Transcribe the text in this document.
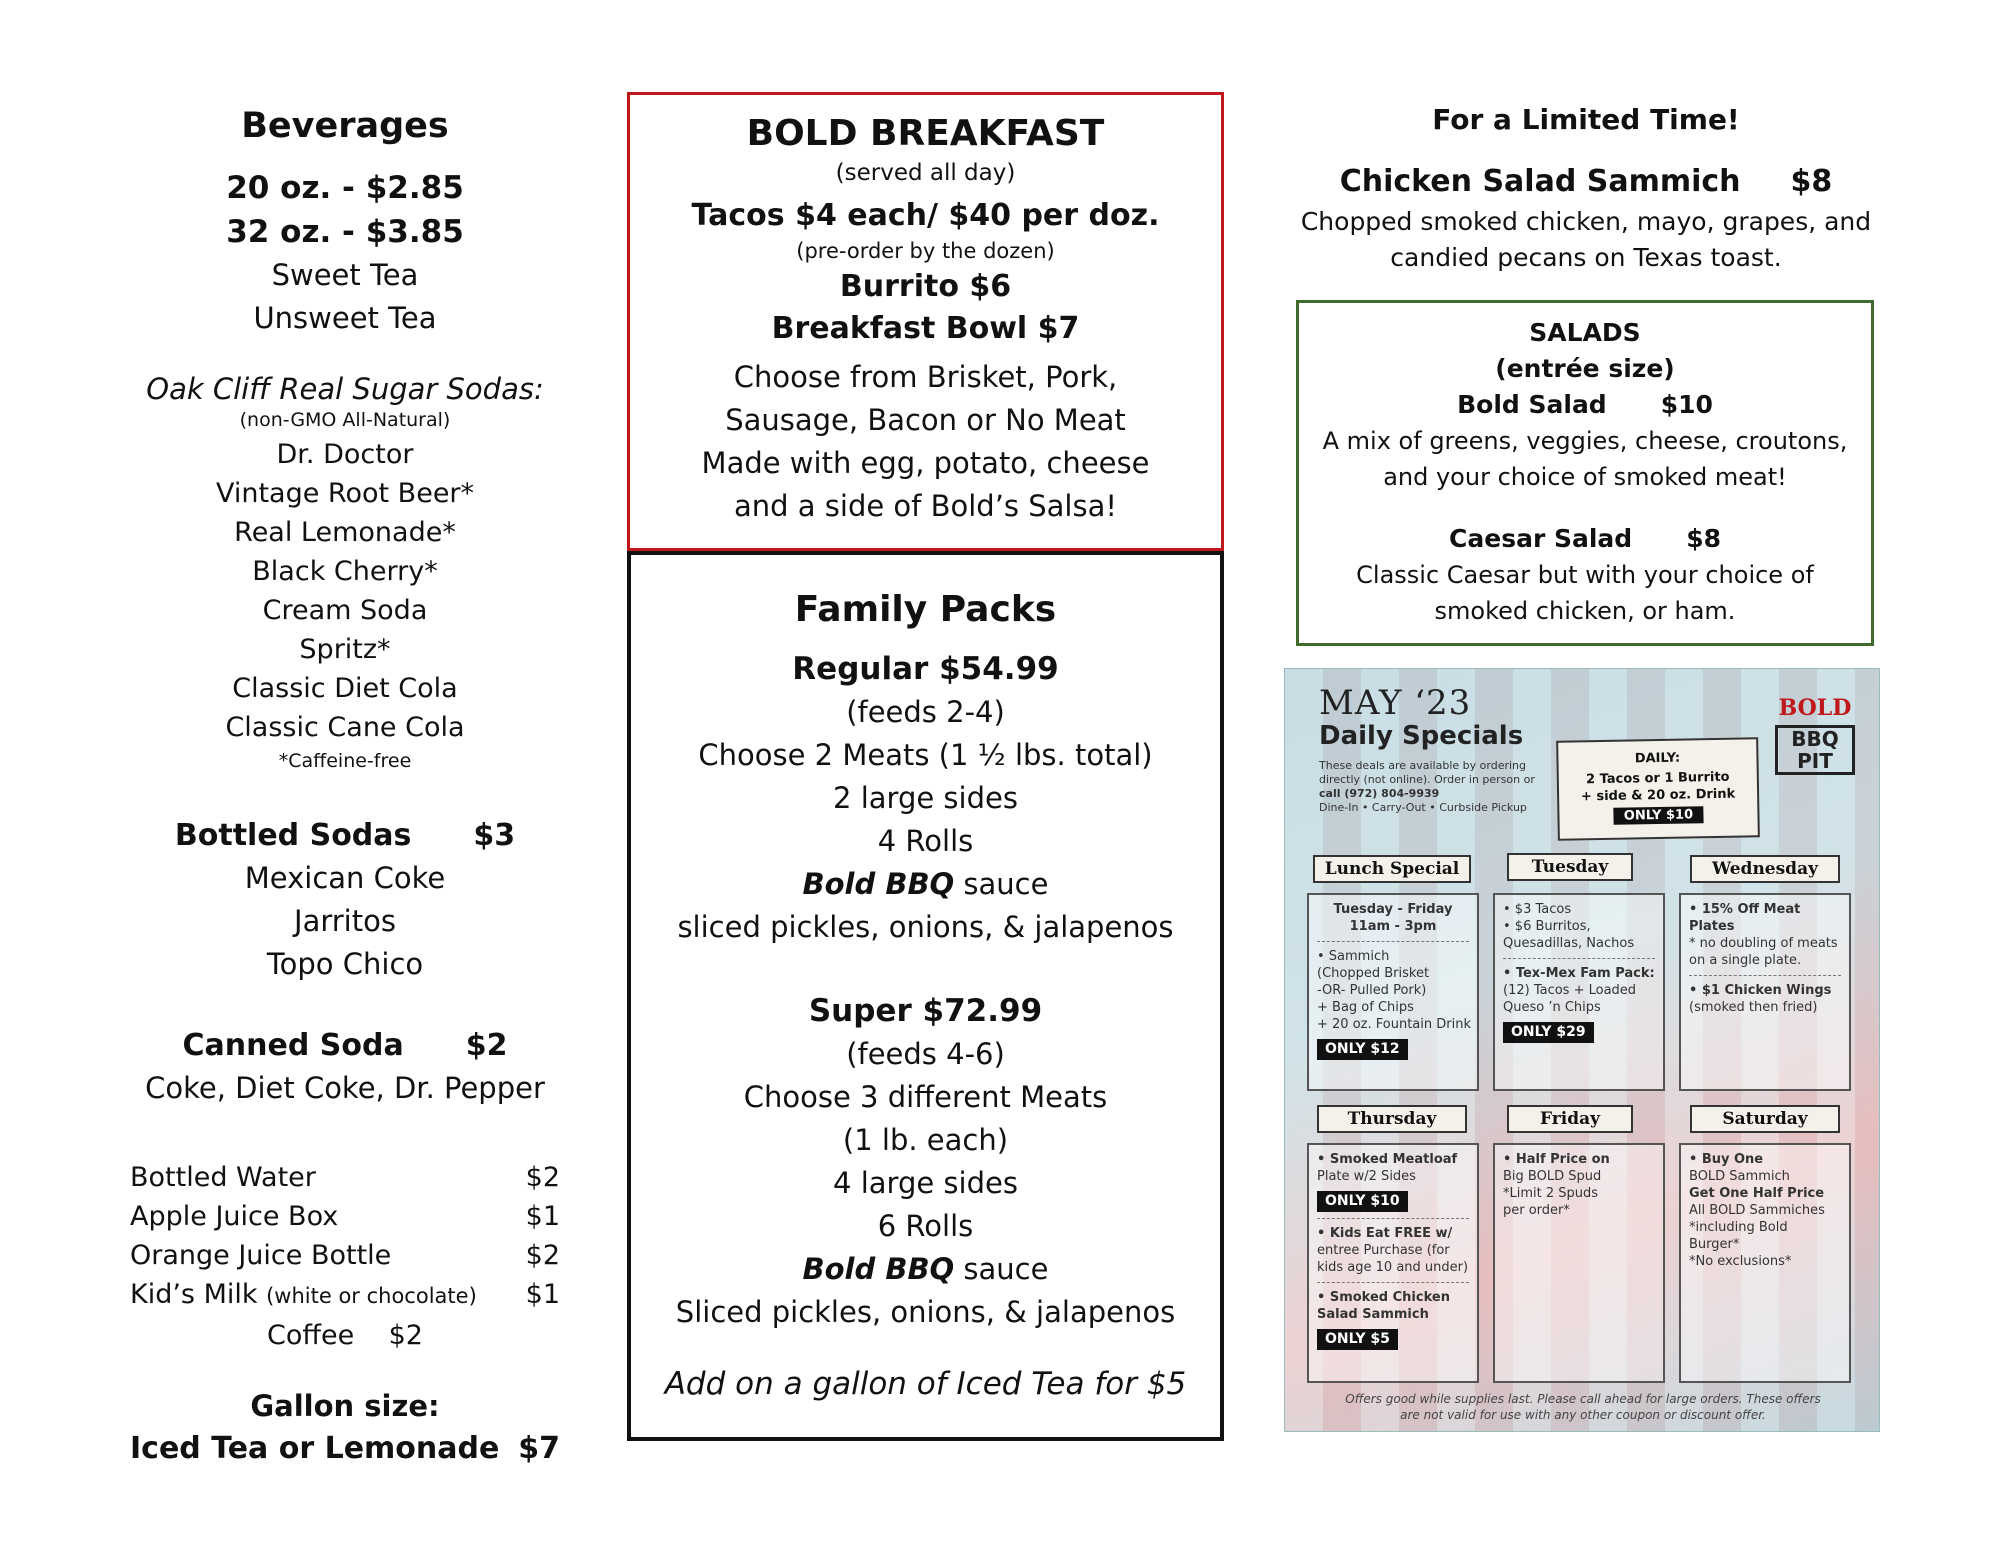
Beverages
20 oz. - $2.85
32 oz. - $3.85
Sweet Tea
Unsweet Tea
Oak Cliff Real Sugar Sodas:
(non-GMO All-Natural)
Dr. Doctor
Vintage Root Beer*
Real Lemonade*
Black Cherry*
Cream Soda
Spritz*
Classic Diet Cola
Classic Cane Cola
*Caffeine-free
Bottled Sodas $3
Mexican Coke
Jarritos
Topo Chico
Canned Soda $2
Coke, Diet Coke, Dr. Pepper
Bottled Water	$2
Apple Juice Box	$1
Orange Juice Bottle	$2
Kid’s Milk (white or chocolate) $1
Coffee    $2
Gallon size:
Iced Tea or Lemonade $7
BOLD BREAKFAST
(served all day)
Tacos $4 each/ $40 per doz.
(pre-order by the dozen)
Burrito $6
Breakfast Bowl $7
Choose from Brisket, Pork,
Sausage, Bacon or No Meat
Made with egg, potato, cheese
and a side of Bold’s Salsa!
Family Packs
Regular $54.99
(feeds 2-4)
Choose 2 Meats (1 ½ lbs. total)
2 large sides
4 Rolls
Bold BBQ sauce
sliced pickles, onions, & jalapenos
Super $72.99
(feeds 4-6)
Choose 3 different Meats
(1 lb. each)
4 large sides
6 Rolls
Bold BBQ sauce
Sliced pickles, onions, & jalapenos
Add on a gallon of Iced Tea for $5
For a Limited Time!
Chicken Salad Sammich $8
Chopped smoked chicken, mayo, grapes, and
candied pecans on Texas toast.
SALADS
(entrée size)
Bold Salad $10
A mix of greens, veggies, cheese, croutons,
and your choice of smoked meat!
Caesar Salad $8
Classic Caesar but with your choice of
smoked chicken, or ham.
MAY ‘23
Daily Specials
These deals are available by ordering
directly (not online). Order in person or
call (972) 804-9939
Dine-In • Carry-Out • Curbside Pickup
DAILY:
2 Tacos or 1 Burrito
+ side & 20 oz. Drink
ONLY $10
BOLD
BBQ PIT
Lunch Special	Tuesday	Wednesday
Tuesday - Friday
11am - 3pm
• Sammich
(Chopped Brisket
-OR- Pulled Pork)
+ Bag of Chips
+ 20 oz. Fountain Drink
ONLY $12
• $3 Tacos
• $6 Burritos,
Quesadillas, Nachos
• Tex-Mex Fam Pack:
(12) Tacos + Loaded
Queso ’n Chips
ONLY $29
• 15% Off Meat Plates
* no doubling of meats
on a single plate.
• $1 Chicken Wings
(smoked then fried)
Thursday	Friday	Saturday
• Smoked Meatloaf
Plate w/2 Sides
ONLY $10
• Kids Eat FREE w/
entree Purchase (for
kids age 10 and under)
• Smoked Chicken
Salad Sammich
ONLY $5
• Half Price on
Big BOLD Spud
*Limit 2 Spuds
per order*
• Buy One
BOLD Sammich
Get One Half Price
All BOLD Sammiches
*including Bold Burger*
*No exclusions*
Offers good while supplies last. Please call ahead for large orders. These offers
are not valid for use with any other coupon or discount offer.
